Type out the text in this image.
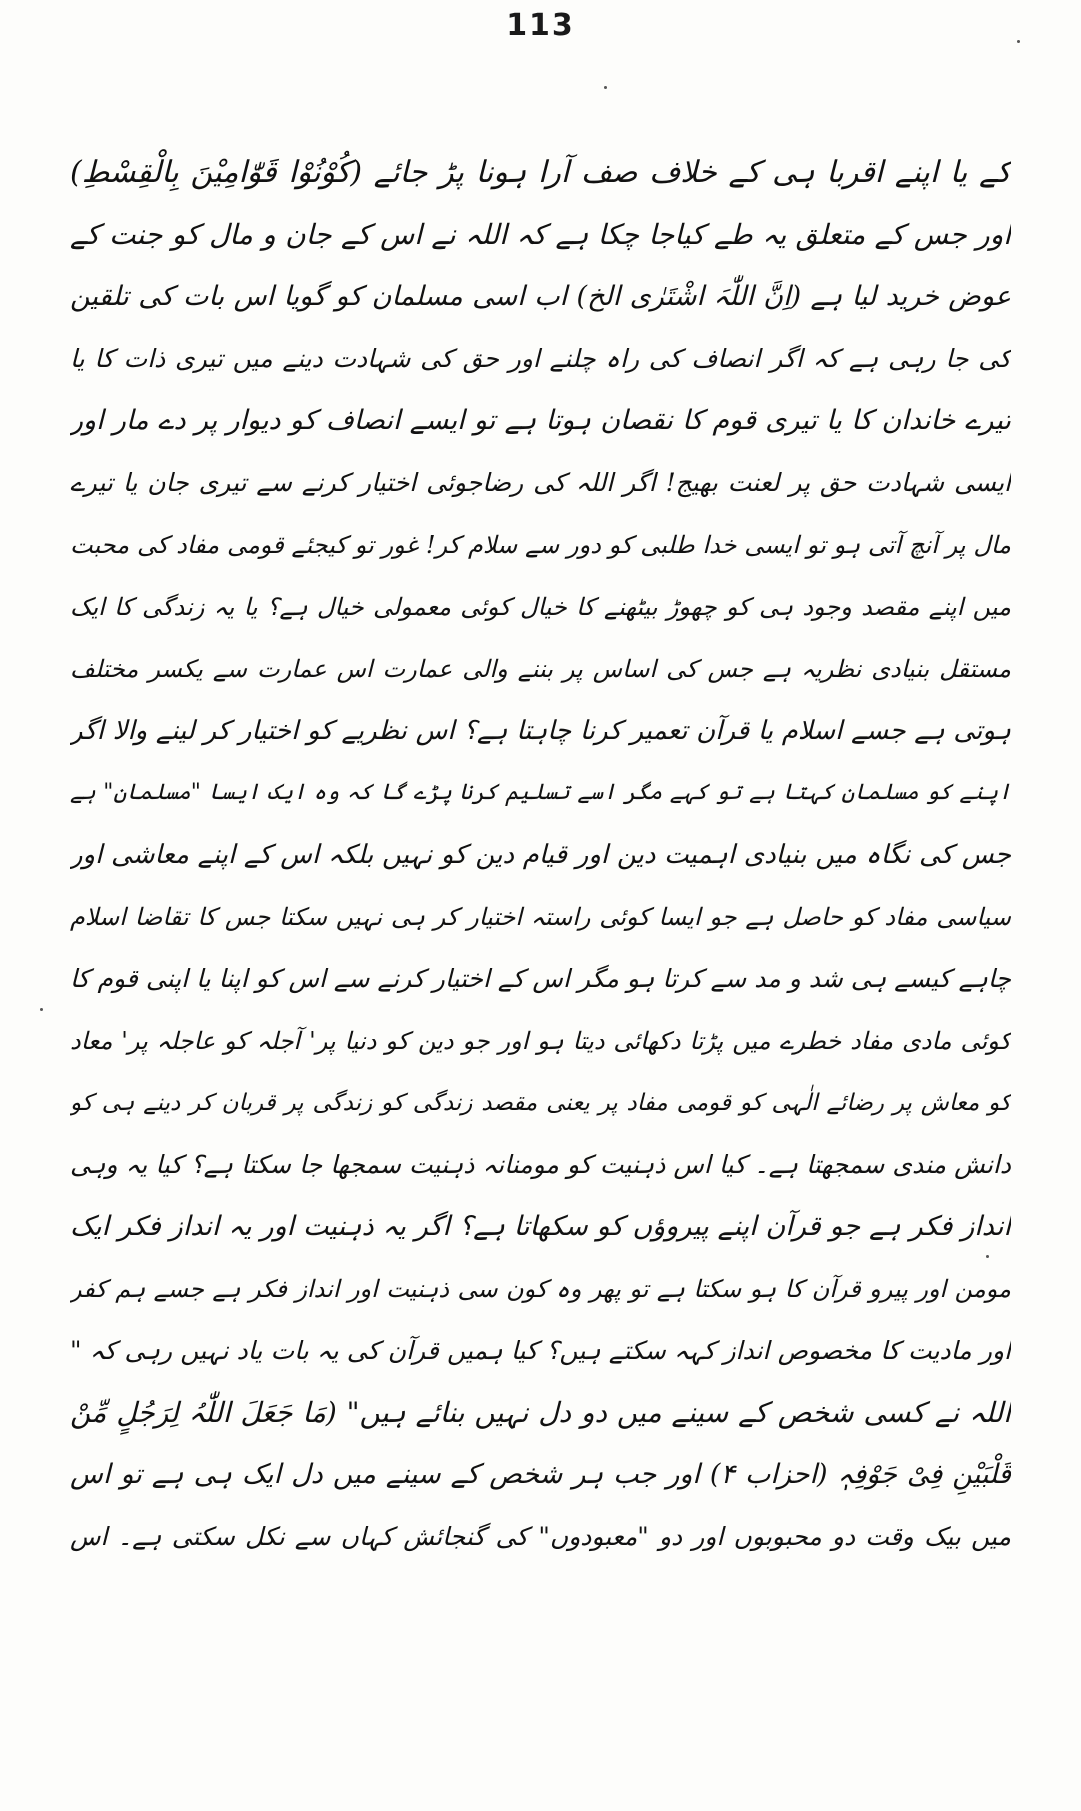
113
کے یا اپنے اقربا ہی کے خلاف صف آرا ہونا پڑ جائے (کُوْنُوْا قَوّٰامِیْنَ بِالْقِسْطِ)
اور جس کے متعلق یہ طے کیاجا چکا ہے کہ اللہ نے اس کے جان و مال کو جنت کے
عوض خرید لیا ہے (اِنَّ اللّٰہَ اشْتَرٰی الخ) اب اسی مسلمان کو گویا اس بات کی تلقین
کی جا رہی ہے کہ اگر انصاف کی راہ چلنے اور حق کی شہادت دینے میں تیری ذات کا یا
تیرے خاندان کا یا تیری قوم کا نقصان ہوتا ہے تو ایسے انصاف کو دیوار پر دے مار اور
ایسی شہادت حق پر لعنت بھیج! اگر اللہ کی رضاجوئی اختیار کرنے سے تیری جان یا تیرے
مال پر آنچ آتی ہو تو ایسی خدا طلبی کو دور سے سلام کر! غور تو کیجئے قومی مفاد کی محبت
میں اپنے مقصد وجود ہی کو چھوڑ بیٹھنے کا خیال کوئی معمولی خیال ہے؟ یا یہ زندگی کا ایک
مستقل بنیادی نظریہ ہے جس کی اساس پر بننے والی عمارت اس عمارت سے یکسر مختلف
ہوتی ہے جسے اسلام یا قرآن تعمیر کرنا چاہتا ہے؟ اس نظریے کو اختیار کر لینے والا اگر
اپنے کو مسلمان کہتا ہے تو کہے مگر اسے تسلیم کرنا پڑے گا کہ وہ ایک ایسا "مسلمان" ہے
جس کی نگاہ میں بنیادی اہمیت دین اور قیام دین کو نہیں بلکہ اس کے اپنے معاشی اور
سیاسی مفاد کو حاصل ہے جو ایسا کوئی راستہ اختیار کر ہی نہیں سکتا جس کا تقاضا اسلام
چاہے کیسے ہی شد و مد سے کرتا ہو مگر اس کے اختیار کرنے سے اس کو اپنا یا اپنی قوم کا
کوئی مادی مفاد خطرے میں پڑتا دکھائی دیتا ہو اور جو دین کو دنیا پر' آجلہ کو عاجلہ پر' معاد
کو معاش پر رضائے الٰہی کو قومی مفاد پر یعنی مقصد زندگی کو زندگی پر قربان کر دینے ہی کو
دانش مندی سمجھتا ہے۔ کیا اس ذہنیت کو مومنانہ ذہنیت سمجھا جا سکتا ہے؟ کیا یہ وہی
انداز فکر ہے جو قرآن اپنے پیروؤں کو سکھاتا ہے؟ اگر یہ ذہنیت اور یہ انداز فکر ایک
مومن اور پیرو قرآن کا ہو سکتا ہے تو پھر وہ کون سی ذہنیت اور انداز فکر ہے جسے ہم کفر
اور مادیت کا مخصوص انداز کہہ سکتے ہیں؟ کیا ہمیں قرآن کی یہ بات یاد نہیں رہی کہ "
اللہ نے کسی شخص کے سینے میں دو دل نہیں بنائے ہیں" (مَا جَعَلَ اللّٰہُ لِرَجُلٍ مِّنْ
قَلْبَیْنِ فِیْ جَوْفِہٖ (احزاب ۴) اور جب ہر شخص کے سینے میں دل ایک ہی ہے تو اس
میں بیک وقت دو محبوبوں اور دو "معبودوں" کی گنجائش کہاں سے نکل سکتی ہے۔ اس
